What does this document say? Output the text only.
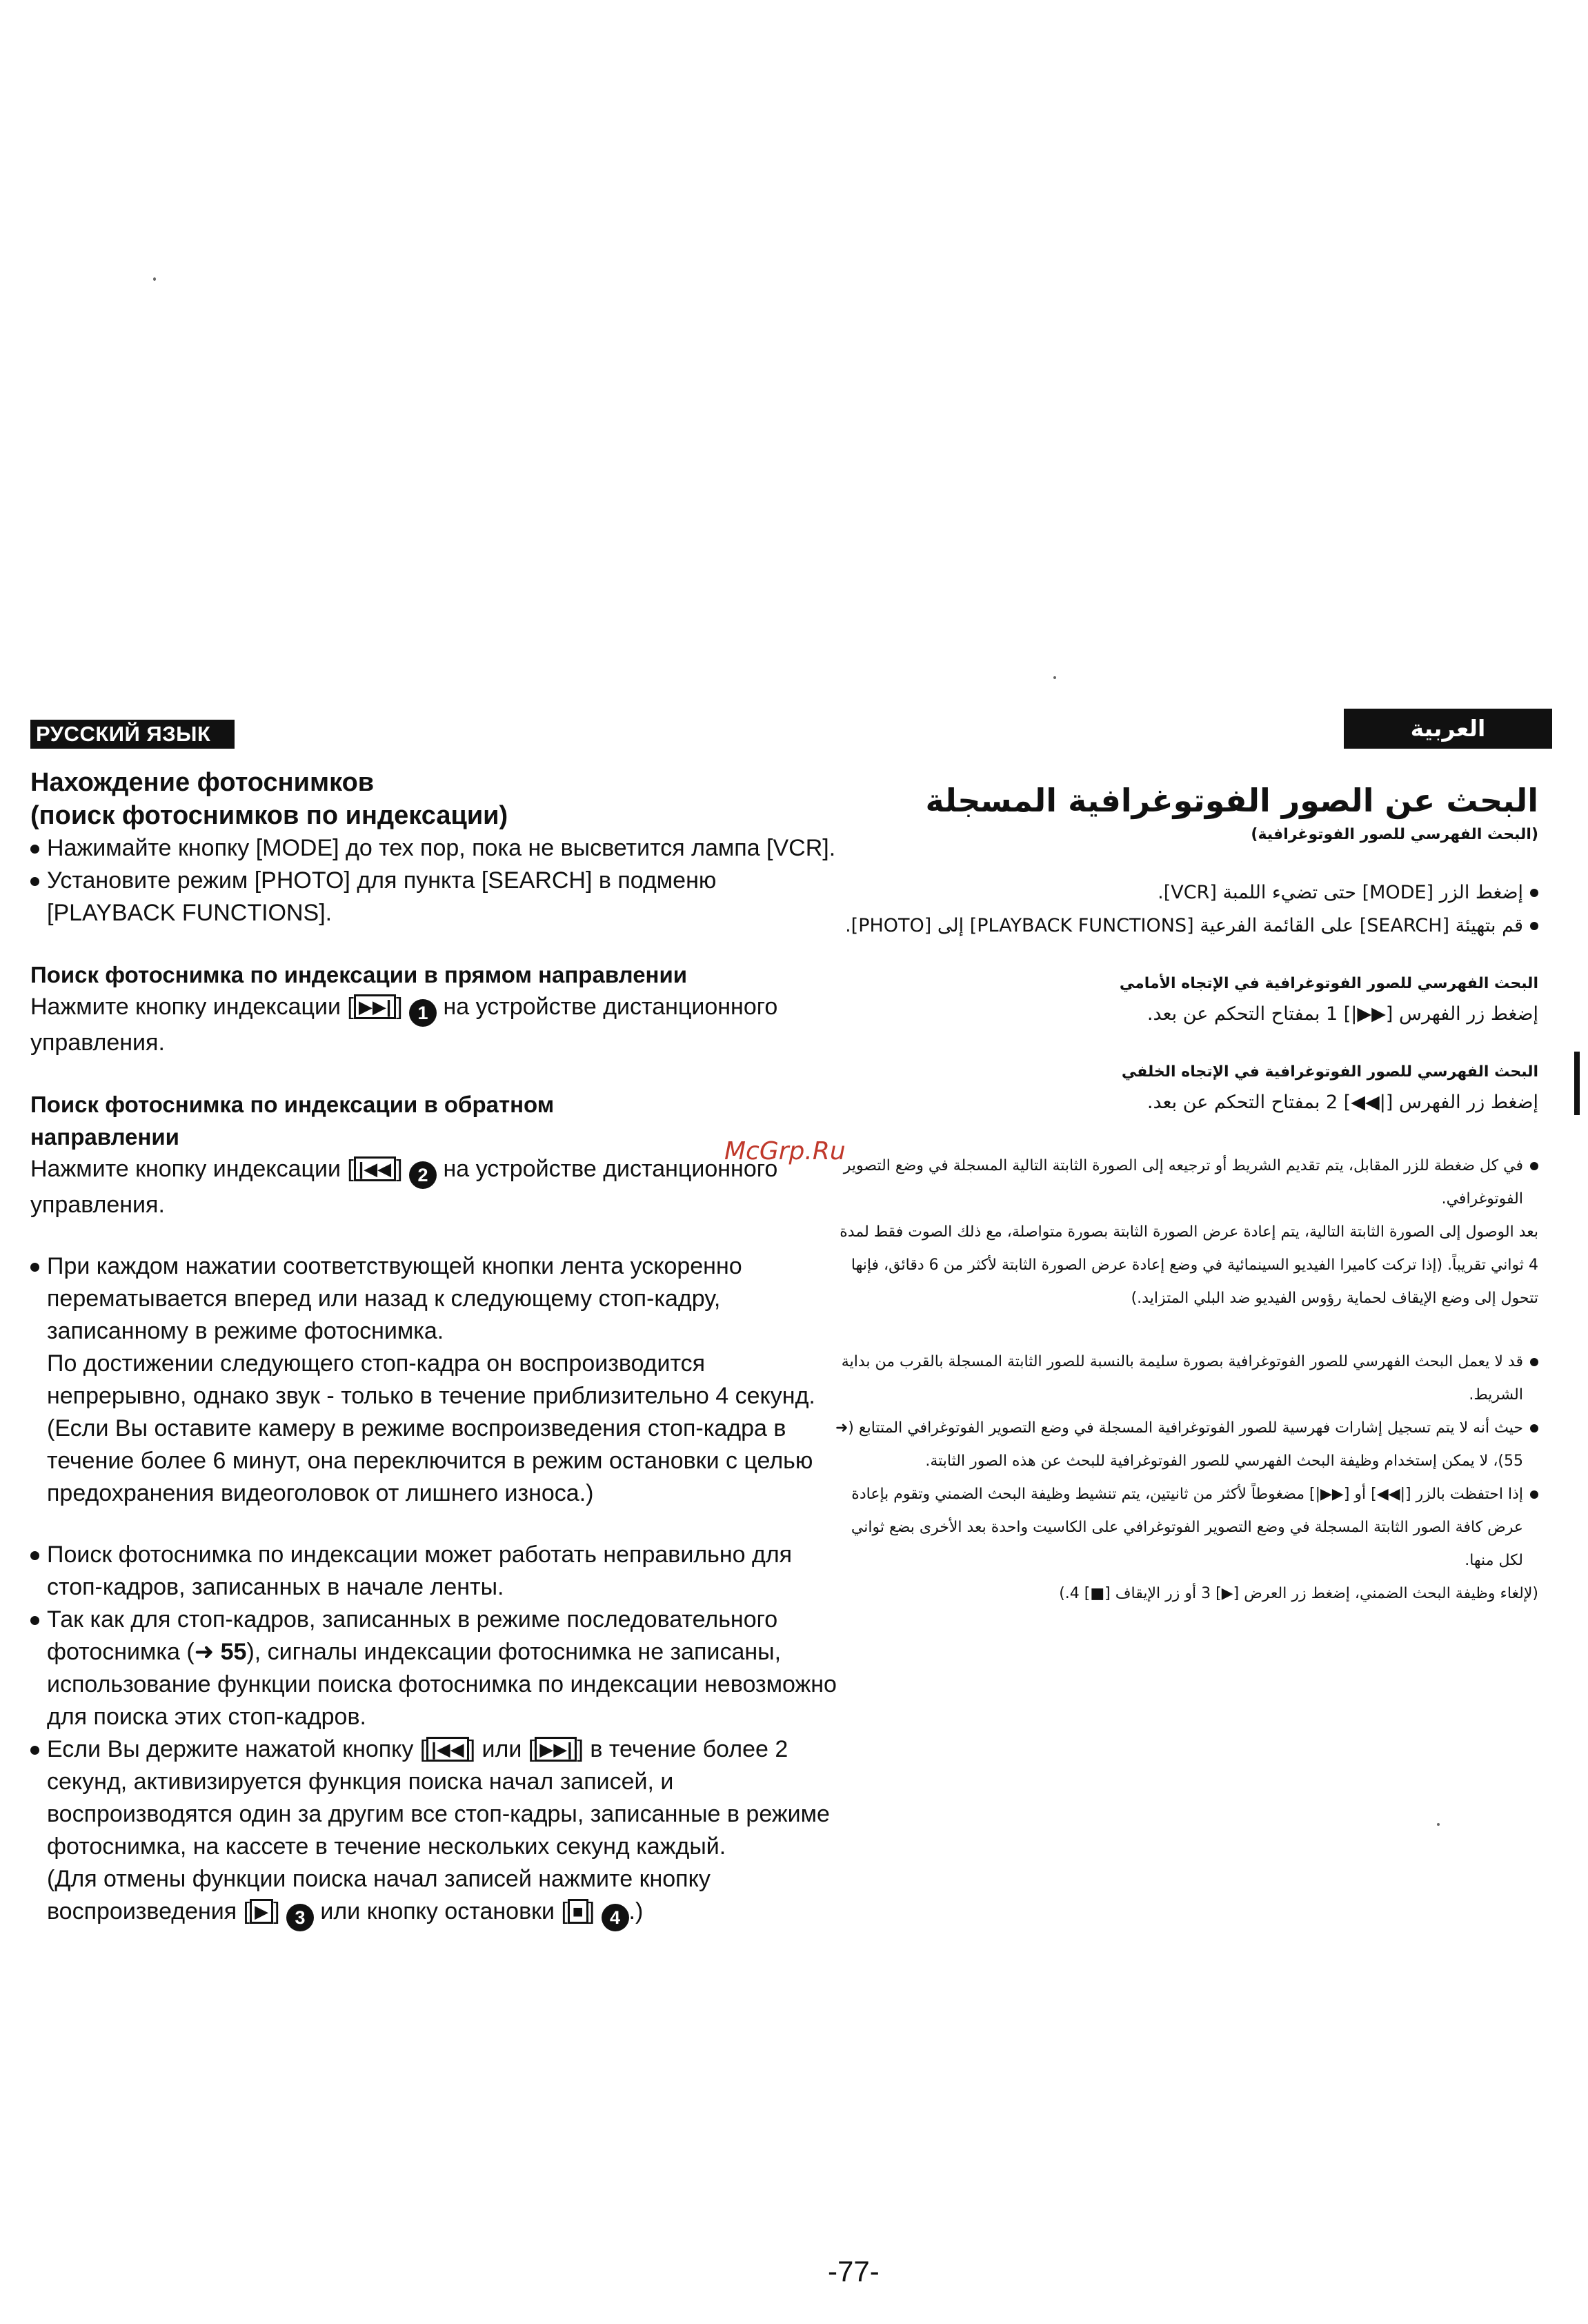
РУССКИЙ ЯЗЫК	العربية

Нахождение фотоснимков

(поиск фотоснимков по индексации)

Нажимайте кнопку [MODE] до тех пор, пока не высветится лампа [VCR].

Установите режим [PHOTO] для пункта [SEARCH] в подменю [PLAYBACK FUNCTIONS].

Поиск фотоснимка по индексации в прямом направлении

Нажмите кнопку индексации [ ▶▶| ] 1 на устройстве дистанционного управления.

Поиск фотоснимка по индексации в обратном направлении

Нажмите кнопку индексации [ |◀◀ ] 2 на устройстве дистанционного управления.

При каждом нажатии соответствующей кнопки лента ускоренно перематывается вперед или назад к следующему стоп-кадру, записанному в режиме фотоснимка.

По достижении следующего стоп-кадра он воспроизводится непрерывно, однако звук - только в течение приблизительно 4 секунд. (Если Вы оставите камеру в режиме воспроизведения стоп-кадра в течение более 6 минут, она переключится в режим остановки с целью предохранения видеоголовок от лишнего износа.)

Поиск фотоснимка по индексации может работать неправильно для стоп-кадров, записанных в начале ленты.

Так как для стоп-кадров, записанных в режиме последовательного фотоснимка (➜ 55), сигналы индексации фотоснимка не записаны, использование функции поиска фотоснимка по индексации невозможно для поиска этих стоп-кадров.

Если Вы держите нажатой кнопку [ |◀◀ ] или [ ▶▶| ] в течение более 2 секунд, активизируется функция поиска начал записей, и воспроизводятся один за другим все стоп-кадры, записанные в режиме фотоснимка, на кассете в течение нескольких секунд каждый.

(Для отмены функции поиска начал записей нажмите кнопку воспроизведения [ ▶ ] 3 или кнопку остановки [ ■ ] 4 .)

McGrp.Ru

البحث عن الصور الفوتوغرافية المسجلة

(البحث الفهرسي للصور الفوتوغرافية)

إضغط الزر [MODE] حتى تضيء اللمبة [VCR].

قم بتهيئة [SEARCH] على القائمة الفرعية [PLAYBACK FUNCTIONS] إلى [PHOTO].

البحث الفهرسي للصور الفوتوغرافية في الإتجاه الأمامي

إضغط زر الفهرس [▶▶|] 1 بمفتاح التحكم عن بعد.

البحث الفهرسي للصور الفوتوغرافية في الإتجاه الخلفي

إضغط زر الفهرس [|◀◀] 2 بمفتاح التحكم عن بعد.

في كل ضغطة للزر المقابل، يتم تقديم الشريط أو ترجيعه إلى الصورة الثابتة التالية المسجلة في وضع التصوير الفوتوغرافي.

بعد الوصول إلى الصورة الثابتة التالية، يتم إعادة عرض الصورة الثابتة بصورة متواصلة، مع ذلك الصوت فقط لمدة 4 ثواني تقريباً. (إذا تركت كاميرا الفيديو السينمائية في وضع إعادة عرض الصورة الثابتة لأكثر من 6 دقائق، فإنها تتحول إلى وضع الإيقاف لحماية رؤوس الفيديو ضد البلي المتزايد.)

قد لا يعمل البحث الفهرسي للصور الفوتوغرافية بصورة سليمة بالنسبة للصور الثابتة المسجلة بالقرب من بداية الشريط.

حيث أنه لا يتم تسجيل إشارات فهرسية للصور الفوتوغرافية المسجلة في وضع التصوير الفوتوغرافي المتتابع (➜ 55)، لا يمكن إستخدام وظيفة البحث الفهرسي للصور الفوتوغرافية للبحث عن هذه الصور الثابتة.

إذا احتفظت بالزر [|◀◀] أو [▶▶|] مضغوطاً لأكثر من ثانيتين، يتم تنشيط وظيفة البحث الضمني وتقوم بإعادة عرض كافة الصور الثابتة المسجلة في وضع التصوير الفوتوغرافي على الكاسيت واحدة بعد الأخرى بضع ثواني لكل منها.

(لإلغاء وظيفة البحث الضمني، إضغط زر العرض [▶] 3 أو زر الإيقاف [■] 4.)

-77-
